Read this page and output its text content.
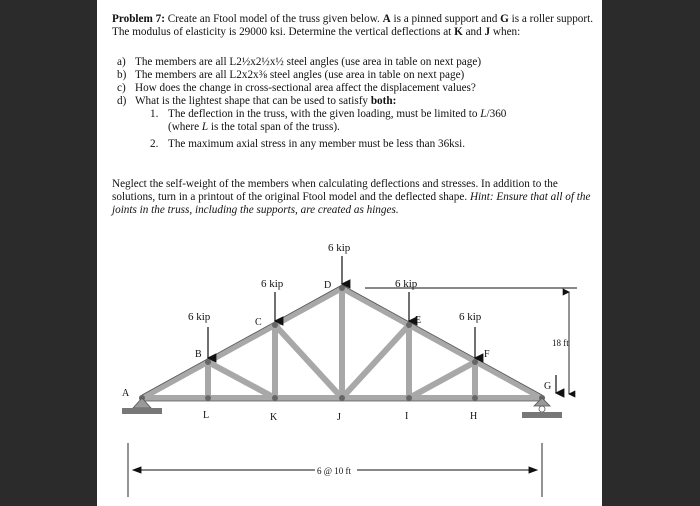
Problem 7: Create an Ftool model of the truss given below. A is a pinned support and G is a roller support. The modulus of elasticity is 29000 ksi. Determine the vertical deflections at K and J when:
a) The members are all L2½x2½x½ steel angles (use area in table on next page)
b) The members are all L2x2x⅜ steel angles (use area in table on next page)
c) How does the change in cross-sectional area affect the displacement values?
d) What is the lightest shape that can be used to satisfy both:
1. The deflection in the truss, with the given loading, must be limited to L/360
(where L is the total span of the truss).
2. The maximum axial stress in any member must be less than 36ksi.
Neglect the self-weight of the members when calculating deflections and stresses. In addition to the solutions, turn in a printout of the original Ftool model and the deflected shape. Hint: Ensure that all of the joints in the truss, including the supports, are created as hinges.
6 kip
6 kip	6 kip
6 kip	6 kip
A
B
C
D
E
F
G
L	K	J	I	H
18 ft
6 @ 10 ft
